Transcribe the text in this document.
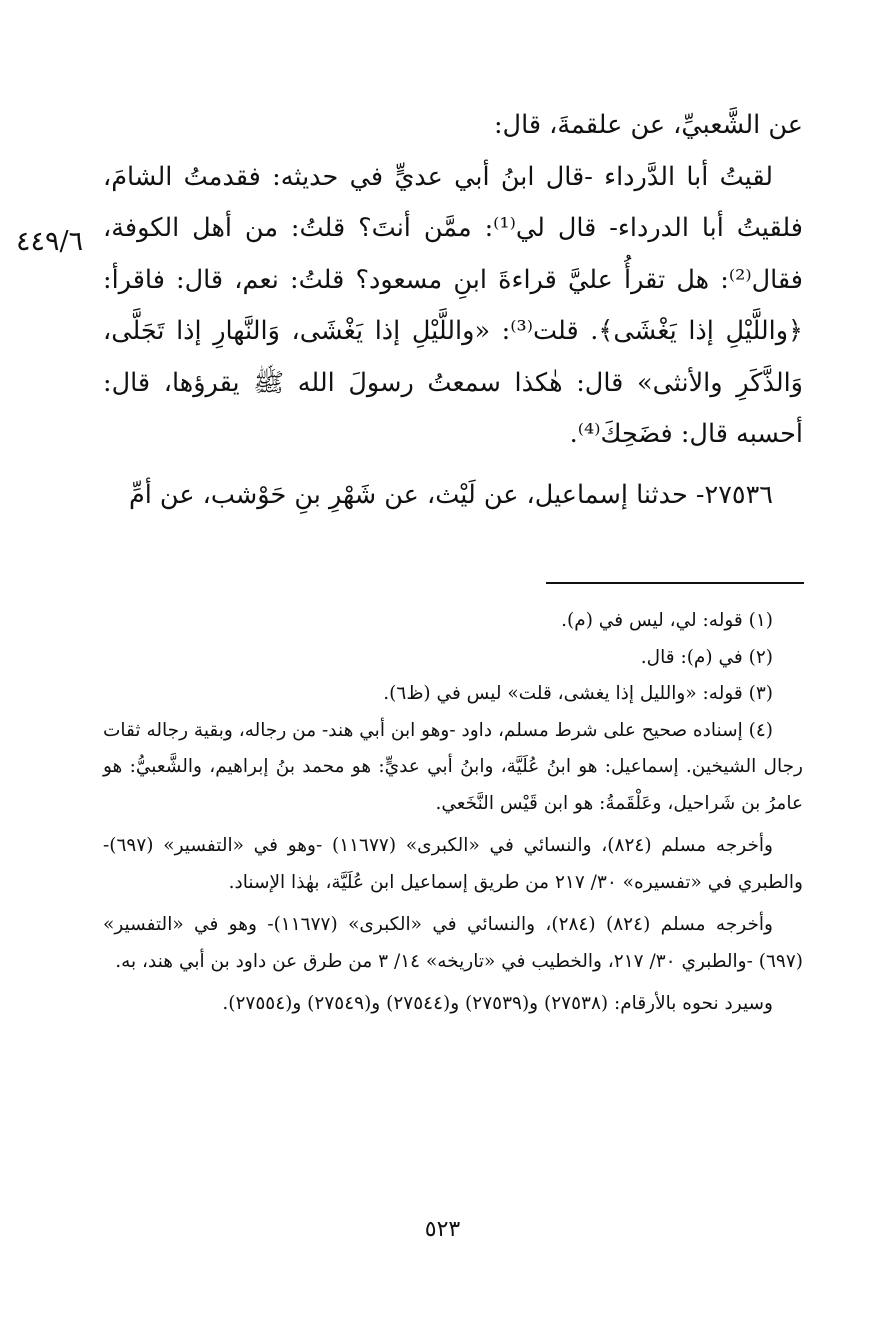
٤٤٩/٦

عن الشَّعبيِّ، عن علقمةَ، قال:

لقيتُ أبا الدَّرداء -قال ابنُ أبي عديٍّ في حديثه: فقدمتُ الشامَ، فلقيتُ أبا الدرداء- قال لي⁽¹⁾: ممَّن أنتَ؟ قلتُ: من أهل الكوفة، فقال⁽²⁾: هل تقرأُ عليَّ قراءةَ ابنِ مسعود؟ قلتُ: نعم، قال: فاقرأ: ﴿واللَّيْلِ إذا يَغْشَى﴾. قلت⁽³⁾: «واللَّيْلِ إذا يَغْشَى، وَالنَّهارِ إذا تَجَلَّى، وَالذَّكَرِ والأنثى» قال: هٰكذا سمعتُ رسولَ الله ﷺ يقرؤها، قال: أحسبه قال: فضَحِكَ⁽⁴⁾.

٢٧٥٣٦- حدثنا إسماعيل، عن لَيْث، عن شَهْرِ بنِ حَوْشب، عن أمِّ

(١) قوله: لي، ليس في (م).

(٢) في (م): قال.

(٣) قوله: «والليل إذا يغشى، قلت» ليس في (ظ٦).

(٤) إسناده صحيح على شرط مسلم، داود -وهو ابن أبي هند- من رجاله، وبقية رجاله ثقات رجال الشيخين. إسماعيل: هو ابنُ عُلَيَّة، وابنُ أبي عديٍّ: هو محمد بنُ إبراهيم، والشَّعبيُّ: هو عامرُ بن شَراحيل، وعَلْقَمةُ: هو ابن قَيْس النَّخَعي.

وأخرجه مسلم (٨٢٤)، والنسائي في «الكبرى» (١١٦٧٧) -وهو في «التفسير» (٦٩٧)- والطبري في «تفسيره» ٣٠/ ٢١٧ من طريق إسماعيل ابن عُلَيَّة، بهٰذا الإسناد.

وأخرجه مسلم (٨٢٤) (٢٨٤)، والنسائي في «الكبرى» (١١٦٧٧)- وهو في «التفسير» (٦٩٧) -والطبري ٣٠/ ٢١٧، والخطيب في «تاريخه» ١٤/ ٣ من طرق عن داود بن أبي هند، به.

وسيرد نحوه بالأرقام: (٢٧٥٣٨) و(٢٧٥٣٩) و(٢٧٥٤٤) و(٢٧٥٤٩) و(٢٧٥٥٤).

٥٢٣
